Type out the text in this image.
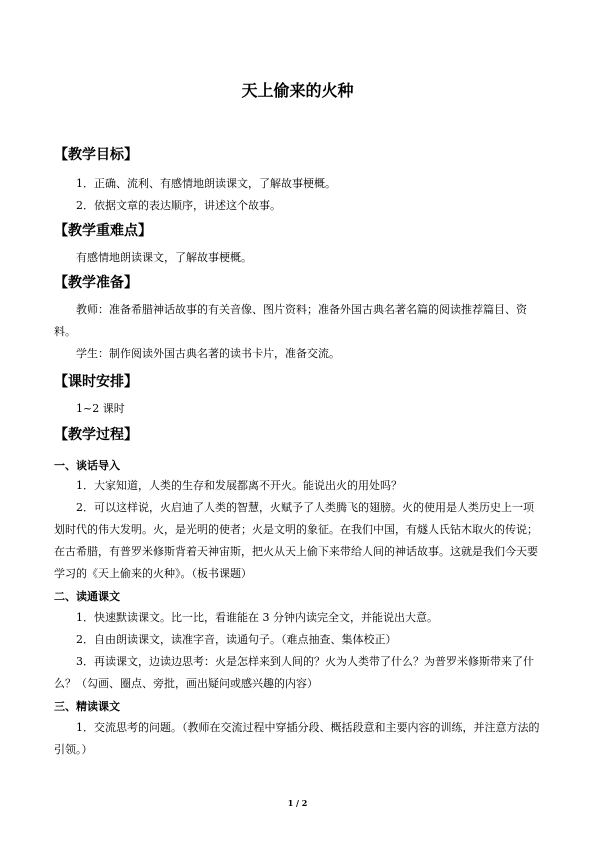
天上偷来的火种
【教学目标】
1．正确、流利、有感情地朗读课文，了解故事梗概。
2．依据文章的表达顺序，讲述这个故事。
【教学重难点】
有感情地朗读课文，了解故事梗概。
【教学准备】
教师：准备希腊神话故事的有关音像、图片资料；准备外国古典名著名篇的阅读推荐篇目、资料。
学生：制作阅读外国古典名著的读书卡片，准备交流。
【课时安排】
1~2 课时
【教学过程】
一、谈话导入
1．大家知道，人类的生存和发展都离不开火。能说出火的用处吗？
2．可以这样说，火启迪了人类的智慧，火赋予了人类腾飞的翅膀。火的使用是人类历史上一项划时代的伟大发明。火，是光明的使者；火是文明的象征。在我们中国，有燧人氏钻木取火的传说；在古希腊，有普罗米修斯背着天神宙斯，把火从天上偷下来带给人间的神话故事。这就是我们今天要学习的《天上偷来的火种》。（板书课题）
二、读通课文
1．快速默读课文。比一比，看谁能在 3 分钟内读完全文，并能说出大意。
2．自由朗读课文，读准字音，读通句子。（难点抽查、集体校正）
3．再读课文，边读边思考：火是怎样来到人间的？火为人类带了什么？为普罗米修斯带来了什么？（勾画、圈点、旁批，画出疑问或感兴趣的内容）
三、精读课文
1．交流思考的问题。（教师在交流过程中穿插分段、概括段意和主要内容的训练，并注意方法的引领。）
1 / 2
